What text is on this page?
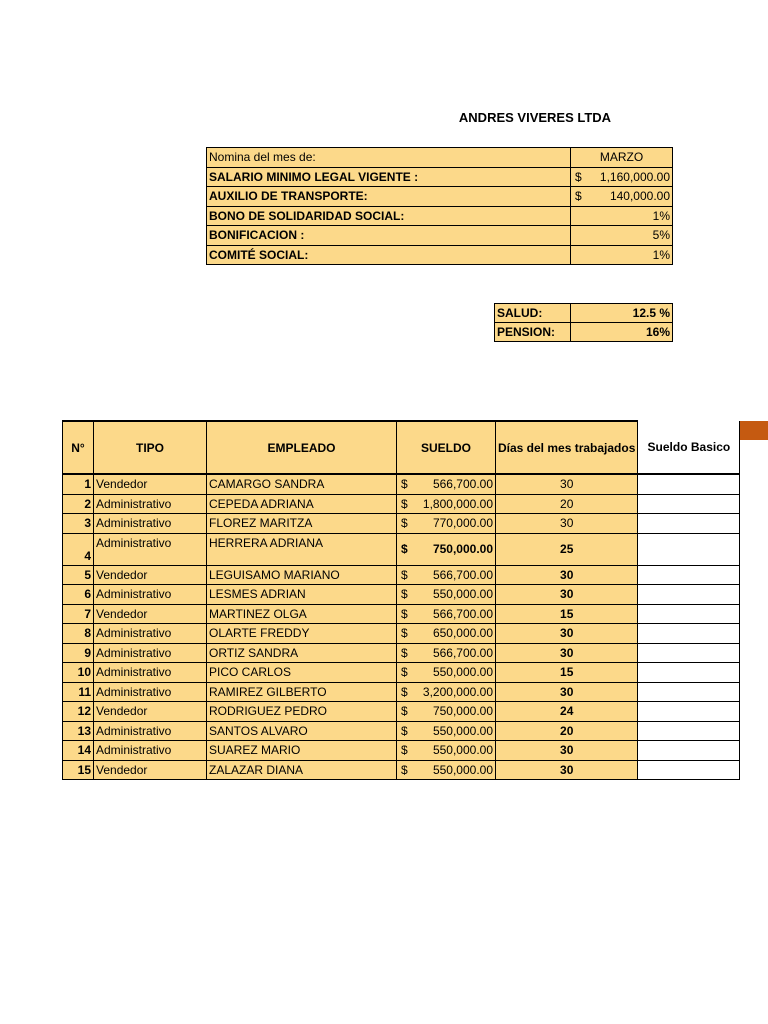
ANDRES VIVERES LTDA
Nomina del mes de:	MARZO
SALARIO MINIMO LEGAL VIGENTE :	$ 1,160,000.00

AUXILIO DE TRANSPORTE:	$ 140,000.00

BONO DE SOLIDARIDAD SOCIAL:	1%
BONIFICACION :	5%
COMITÉ SOCIAL:	1%
SALUD:	12.5 %
PENSION:	16%
N°	TIPO	EMPLEADO	SUELDO	Días del mes trabajados	Sueldo Basico
1	Vendedor	CAMARGO SANDRA	$ 566,700.00	30	
2	Administrativo	CEPEDA ADRIANA	$ 1,800,000.00	20	
3	Administrativo	FLOREZ MARITZA	$ 770,000.00	30	
4	Administrativo	HERRERA ADRIANA	$ 750,000.00	25	
5	Vendedor	LEGUISAMO MARIANO	$ 566,700.00	30	
6	Administrativo	LESMES ADRIAN	$ 550,000.00	30	
7	Vendedor	MARTINEZ OLGA	$ 566,700.00	15	
8	Administrativo	OLARTE FREDDY	$ 650,000.00	30	
9	Administrativo	ORTIZ SANDRA	$ 566,700.00	30	
10	Administrativo	PICO CARLOS	$ 550,000.00	15	
11	Administrativo	RAMIREZ GILBERTO	$ 3,200,000.00	30	
12	Vendedor	RODRIGUEZ PEDRO	$ 750,000.00	24	
13	Administrativo	SANTOS ALVARO	$ 550,000.00	20	
14	Administrativo	SUAREZ MARIO	$ 550,000.00	30	
15	Vendedor	ZALAZAR DIANA	$ 550,000.00	30	
